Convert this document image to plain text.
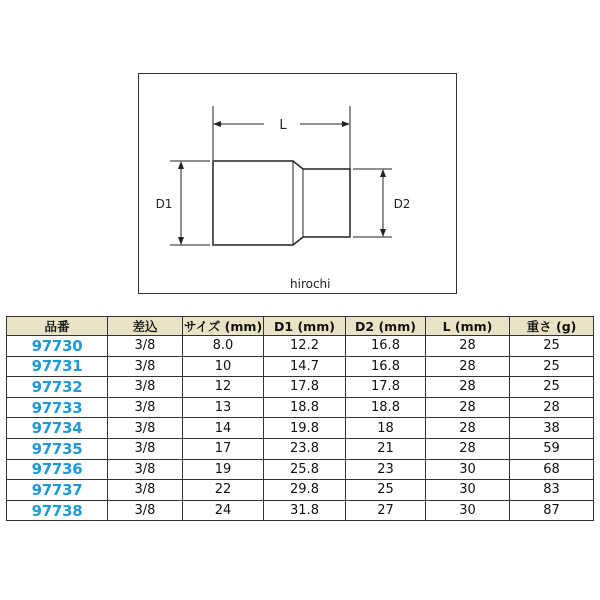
L
D1	D2
hirochi
品番	差込	サイズ (mm)	D1 (mm)	D2 (mm)	L (mm)	重さ (g)
97730	3/8	8.0	12.2	16.8	28	25
97731	3/8	10	14.7	16.8	28	25
97732	3/8	12	17.8	17.8	28	25
97733	3/8	13	18.8	18.8	28	28
97734	3/8	14	19.8	18	28	38
97735	3/8	17	23.8	21	28	59
97736	3/8	19	25.8	23	30	68
97737	3/8	22	29.8	25	30	83
97738	3/8	24	31.8	27	30	87
